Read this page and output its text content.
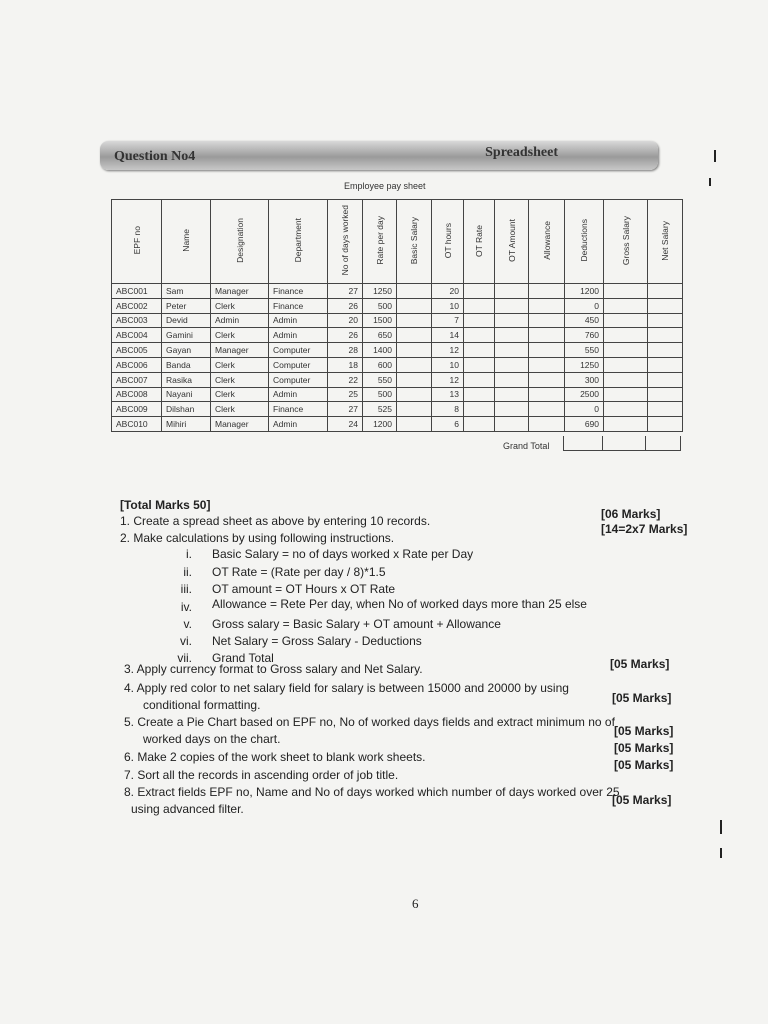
Question No4	Spreadsheet
Employee pay sheet
EPF no	Name	Designation	Department	No of days worked	Rate per day	Basic Salary	OT hours	OT Rate	OT Amount	Allowance	Deductions	Gross Salary	Net Salary
ABC001	Sam	Manager	Finance	27	1250		20				1200		
ABC002	Peter	Clerk	Finance	26	500		10				0		
ABC003	Devid	Admin	Admin	20	1500		7				450		
ABC004	Gamini	Clerk	Admin	26	650		14				760		
ABC005	Gayan	Manager	Computer	28	1400		12				550		
ABC006	Banda	Clerk	Computer	18	600		10				1250		
ABC007	Rasika	Clerk	Computer	22	550		12				300		
ABC008	Nayani	Clerk	Admin	25	500		13				2500		
ABC009	Dilshan	Clerk	Finance	27	525		8				0		
ABC010	Mihiri	Manager	Admin	24	1200		6				690		
Grand Total
[Total Marks 50]
1. Create a spread sheet as above by entering 10 records.	[06 Marks]
2. Make calculations by using following instructions.
[14=2x7 Marks]
i. Basic Salary = no of days worked x Rate per Day
ii. OT Rate = (Rate per day / 8)*1.5
iii. OT amount = OT Hours x OT Rate
iv. Allowance = Rete Per day, when No of worked days more than 25 else
v. Gross salary = Basic Salary + OT amount + Allowance
vi. Net Salary = Gross Salary - Deductions
vii. Grand Total
3. Apply currency format to Gross salary and Net Salary.	[05 Marks]
4. Apply red color to net salary field for salary is between 15000 and 20000 by using
conditional formatting.	[05 Marks]
5. Create a Pie Chart based on EPF no, No of worked days fields and extract minimum no of
worked days on the chart.
[05 Marks]
6. Make 2 copies of the work sheet to blank work sheets.
[05 Marks]
7. Sort all the records in ascending order of job title.
[05 Marks]
8. Extract fields EPF no, Name and No of days worked which number of days worked over 25
using advanced filter.
[05 Marks]
6
